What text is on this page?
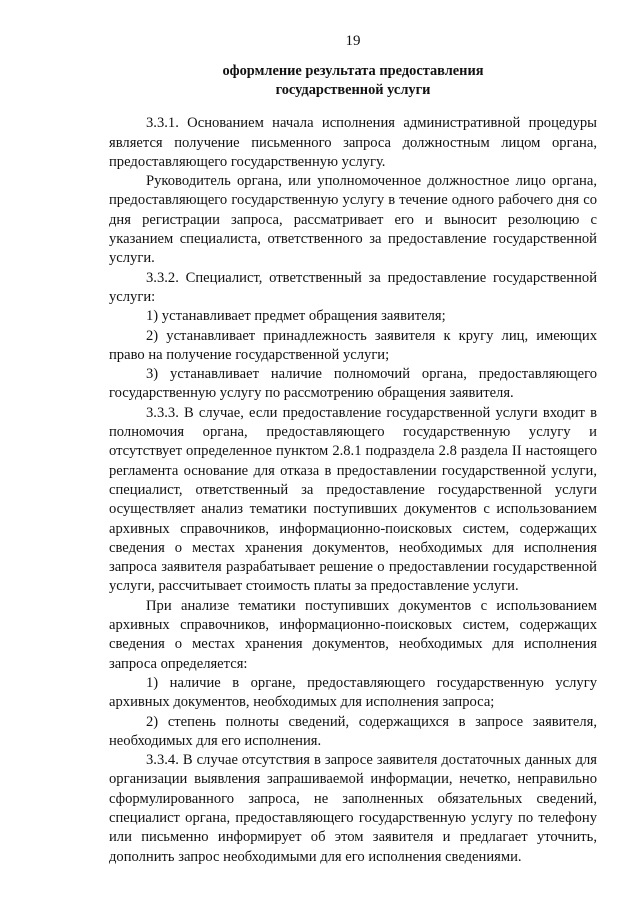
19
оформление результата предоставления
государственной услуги

3.3.1. Основанием начала исполнения административной процедуры является получение письменного запроса должностным лицом органа, предоставляющего государственную услугу.

Руководитель органа, или уполномоченное должностное лицо органа, предоставляющего государственную услугу в течение одного рабочего дня со дня регистрации запроса, рассматривает его и выносит резолюцию с указанием специалиста, ответственного за предоставление государственной услуги.

3.3.2. Специалист, ответственный за предоставление государственной услуги:

1) устанавливает предмет обращения заявителя;

2) устанавливает принадлежность заявителя к кругу лиц, имеющих право на получение государственной услуги;

3) устанавливает наличие полномочий органа, предоставляющего государственную услугу по рассмотрению обращения заявителя.

3.3.3. В случае, если предоставление государственной услуги входит в полномочия органа, предоставляющего государственную услугу и отсутствует определенное пунктом 2.8.1 подраздела 2.8 раздела II настоящего регламента основание для отказа в предоставлении государственной услуги, специалист, ответственный за предоставление государственной услуги осуществляет анализ тематики поступивших документов с использованием архивных справочников, информационно-поисковых систем, содержащих сведения о местах хранения документов, необходимых для исполнения запроса заявителя разрабатывает решение о предоставлении государственной услуги, рассчитывает стоимость платы за предоставление услуги.

При анализе тематики поступивших документов с использованием архивных справочников, информационно-поисковых систем, содержащих сведения о местах хранения документов, необходимых для исполнения запроса определяется:

1) наличие в органе, предоставляющего государственную услугу архивных документов, необходимых для исполнения запроса;

2) степень полноты сведений, содержащихся в запросе заявителя, необходимых для его исполнения.

3.3.4. В случае отсутствия в запросе заявителя достаточных данных для организации выявления запрашиваемой информации, нечетко, неправильно сформулированного запроса, не заполненных обязательных сведений, специалист органа, предоставляющего государственную услугу по телефону или письменно информирует об этом заявителя и предлагает уточнить, дополнить запрос необходимыми для его исполнения сведениями.
